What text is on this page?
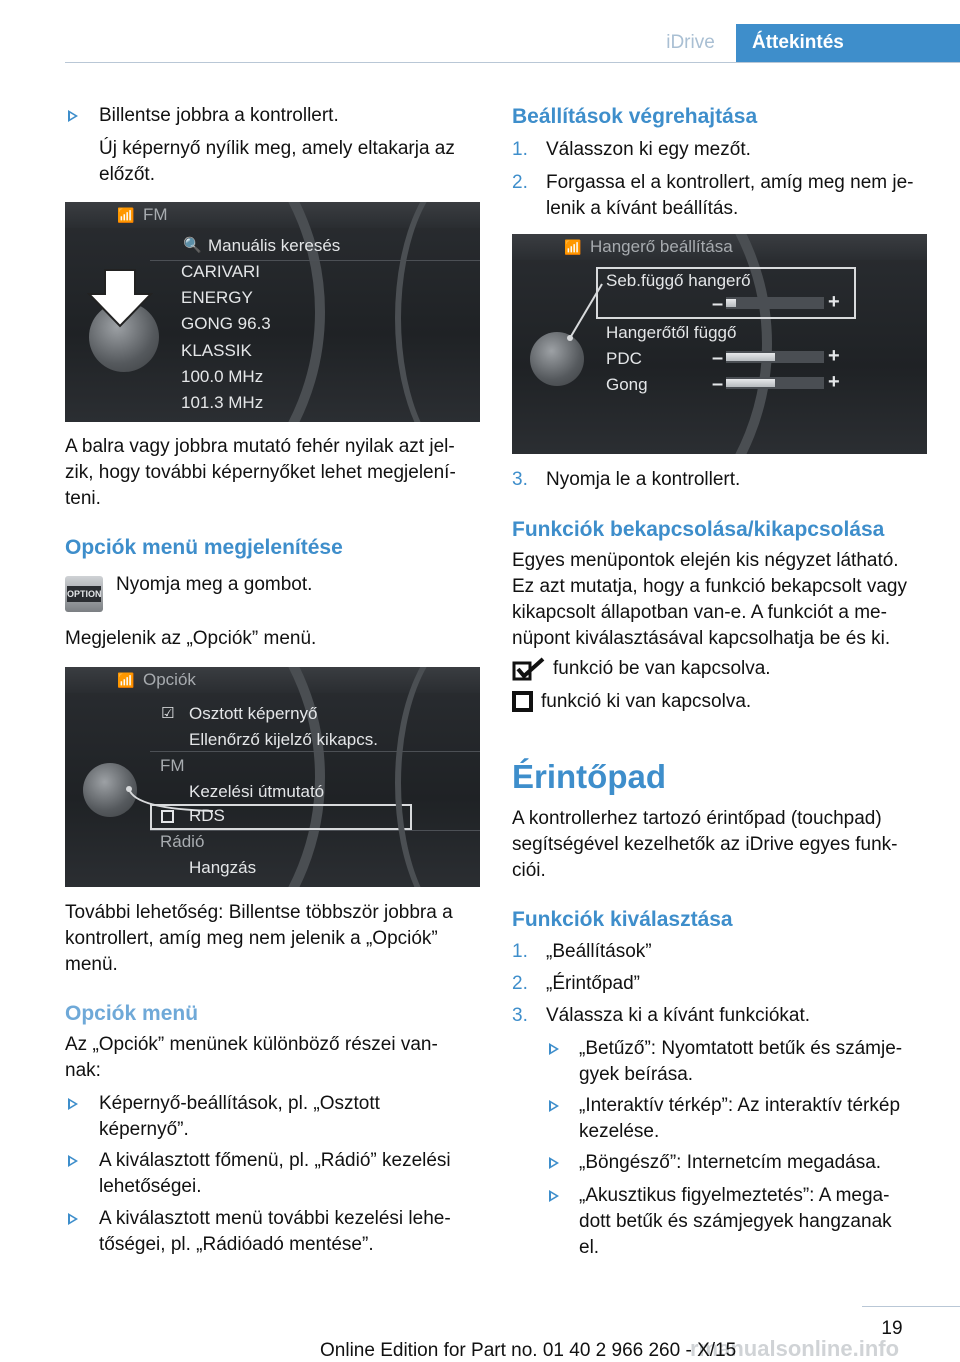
iDrive	Áttekintés
Billentse jobbra a kontrollert.
Új képernyő nyílik meg, amely eltakarja az
előzőt.
📶 FM
🔍 Manuális keresés
CARIVARI
ENERGY
GONG 96.3
KLASSIK
100.0 MHz
101.3 MHz
A balra vagy jobbra mutató fehér nyilak azt jel-
zik, hogy további képernyőket lehet megjelení-
teni.
Opciók menü megjelenítése
OPTION Nyomja meg a gombot.
Megjelenik az „Opciók” menü.
📶 Opciók
☑ Osztott képernyő
Ellenőrző kijelző kikapcs.
FM
Kezelési útmutató
RDS
Rádió
Hangzás
További lehetőség: Billentse többször jobbra a
kontrollert, amíg meg nem jelenik a „Opciók”
menü.
Opciók menü
Az „Opciók” menünek különböző részei van-
nak:
Képernyő-beállítások, pl. „Osztott
képernyő”.
A kiválasztott főmenü, pl. „Rádió” kezelési
lehetőségei.
A kiválasztott menü további kezelési lehe-
tőségei, pl. „Rádióadó mentése”.
Beállítások végrehajtása
1. Válasszon ki egy mezőt.
2. Forgassa el a kontrollert, amíg meg nem je-
lenik a kívánt beállítás.
📶 Hangerő beállítása
Seb.függő hangerő
–	+
Hangerőtől függő
PDC	–	+
Gong	–	+
3. Nyomja le a kontrollert.
Funkciók bekapcsolása/kikapcsolása
Egyes menüpontok elején kis négyzet látható.
Ez azt mutatja, hogy a funkció bekapcsolt vagy
kikapcsolt állapotban van-e. A funkciót a me-
nüpont kiválasztásával kapcsolhatja be és ki.
funkció be van kapcsolva.
funkció ki van kapcsolva.
Érintőpad
A kontrollerhez tartozó érintőpad (touchpad)
segítségével kezelhetők az iDrive egyes funk-
ciói.
Funkciók kiválasztása
1. „Beállítások”
2. „Érintőpad”
3. Válassza ki a kívánt funkciókat.
„Betűző”: Nyomtatott betűk és számje-
gyek beírása.
„Interaktív térkép”: Az interaktív térkép
kezelése.
„Böngésző”: Internetcím megadása.
„Akusztikus figyelmeztetés”: A mega-
dott betűk és számjegyek hangzanak
el.
19
rmanualsonline.info
Online Edition for Part no. 01 40 2 966 260 - X/15
